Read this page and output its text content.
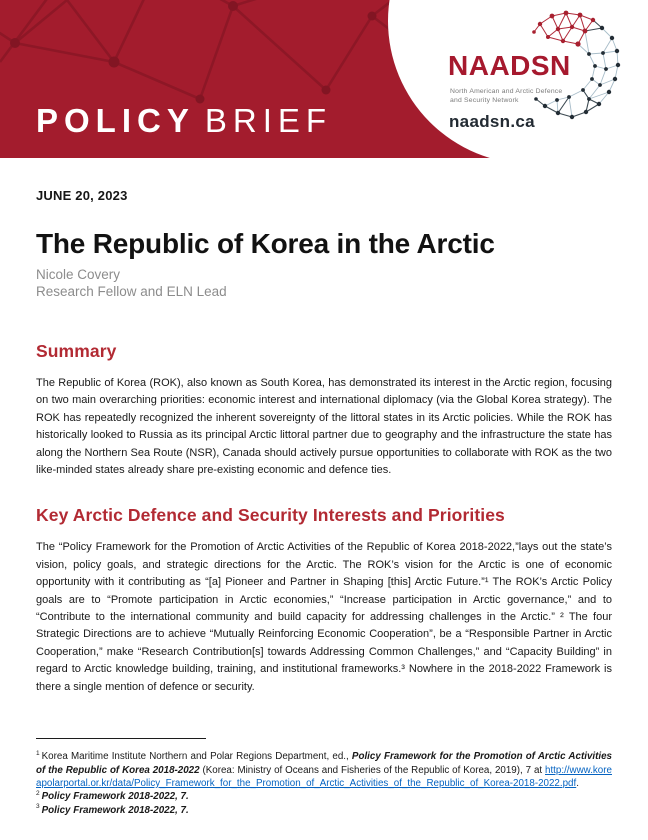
POLICY BRIEF
NAADSN
North American and Arctic Defence
and Security Network
naadsn.ca
JUNE 20, 2023
The Republic of Korea in the Arctic
Nicole Covery
Research Fellow and ELN Lead
Summary

The Republic of Korea (ROK), also known as South Korea, has demonstrated its interest in the Arctic region, focusing on two main overarching priorities: economic interest and international diplomacy (via the Global Korea strategy). The ROK has repeatedly recognized the inherent sovereignty of the littoral states in its Arctic policies. While the ROK has historically looked to Russia as its principal Arctic littoral partner due to geography and the infrastructure the state has along the Northern Sea Route (NSR), Canada should actively pursue opportunities to collaborate with ROK as the two like-minded states already share pre-existing economic and defence ties.

Key Arctic Defence and Security Interests and Priorities

The “Policy Framework for the Promotion of Arctic Activities of the Republic of Korea 2018-2022,”lays out the state’s vision, policy goals, and strategic directions for the Arctic. The ROK’s vision for the Arctic is one of economic opportunity with it contributing as “[a] Pioneer and Partner in Shaping [this] Arctic Future.”¹ The ROK’s Arctic Policy goals are to “Promote participation in Arctic economies,” “Increase participation in Arctic governance,” and to “Contribute to the international community and build capacity for addressing challenges in the Arctic.” ² The four Strategic Directions are to achieve “Mutually Reinforcing Economic Cooperation”, be a “Responsible Partner in Arctic Cooperation,” make “Research Contribution[s] towards Addressing Common Challenges,” and “Capacity Building” in regard to Arctic knowledge building, training, and institutional frameworks.³ Nowhere in the 2018-2022 Framework is there a single mention of defence or security.

$^1$ Korea Maritime Institute Northern and Polar Regions Department, ed., Policy Framework for the Promotion of Arctic Activities of the Republic of Korea 2018-2022 (Korea: Ministry of Oceans and Fisheries of the Republic of Korea, 2019), 7 at http://www.koreapolarportal.or.kr/data/Policy_Framework_for_the_Promotion_of_Arctic_Activities_of_the_Republic_of_Korea-2018-2022.pdf.

$^2$ Policy Framework 2018-2022, 7.

$^3$ Policy Framework 2018-2022, 7.
